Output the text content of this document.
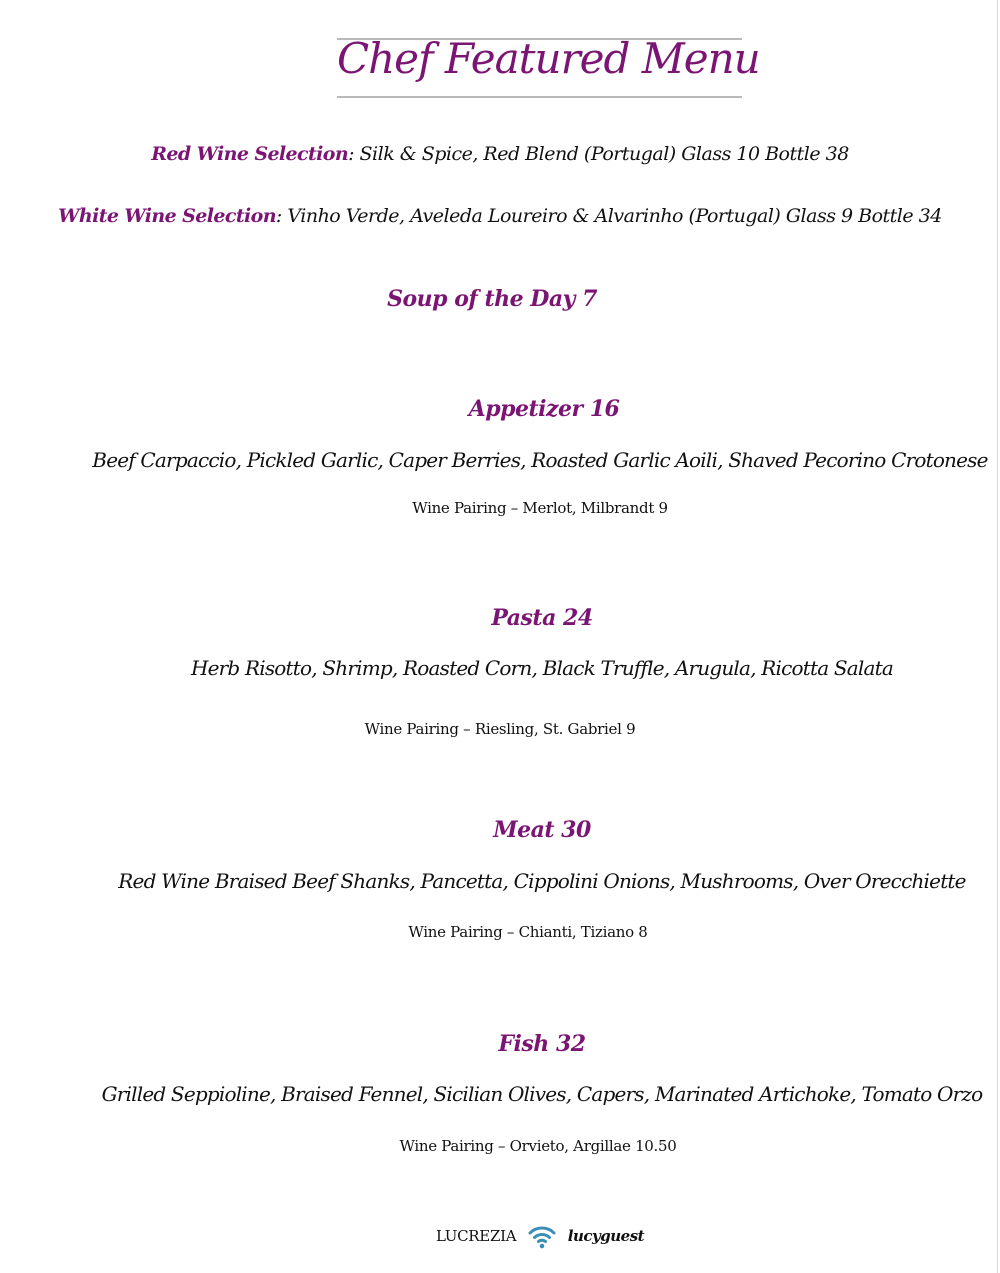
Chef Featured Menu
Red Wine Selection: Silk & Spice, Red Blend (Portugal) Glass 10 Bottle 38
White Wine Selection: Vinho Verde, Aveleda Loureiro & Alvarinho (Portugal) Glass 9 Bottle 34
Soup of the Day 7
Appetizer 16
Beef Carpaccio, Pickled Garlic, Caper Berries, Roasted Garlic Aoili, Shaved Pecorino Crotonese
Wine Pairing – Merlot, Milbrandt 9
Pasta 24
Herb Risotto, Shrimp, Roasted Corn, Black Truffle, Arugula, Ricotta Salata
Wine Pairing – Riesling, St. Gabriel 9
Meat 30
Red Wine Braised Beef Shanks, Pancetta, Cippolini Onions, Mushrooms, Over Orecchiette
Wine Pairing – Chianti, Tiziano 8
Fish 32
Grilled Seppioline, Braised Fennel, Sicilian Olives, Capers, Marinated Artichoke, Tomato Orzo
Wine Pairing – Orvieto, Argillae 10.50
LUCREZIA	lucyguest
